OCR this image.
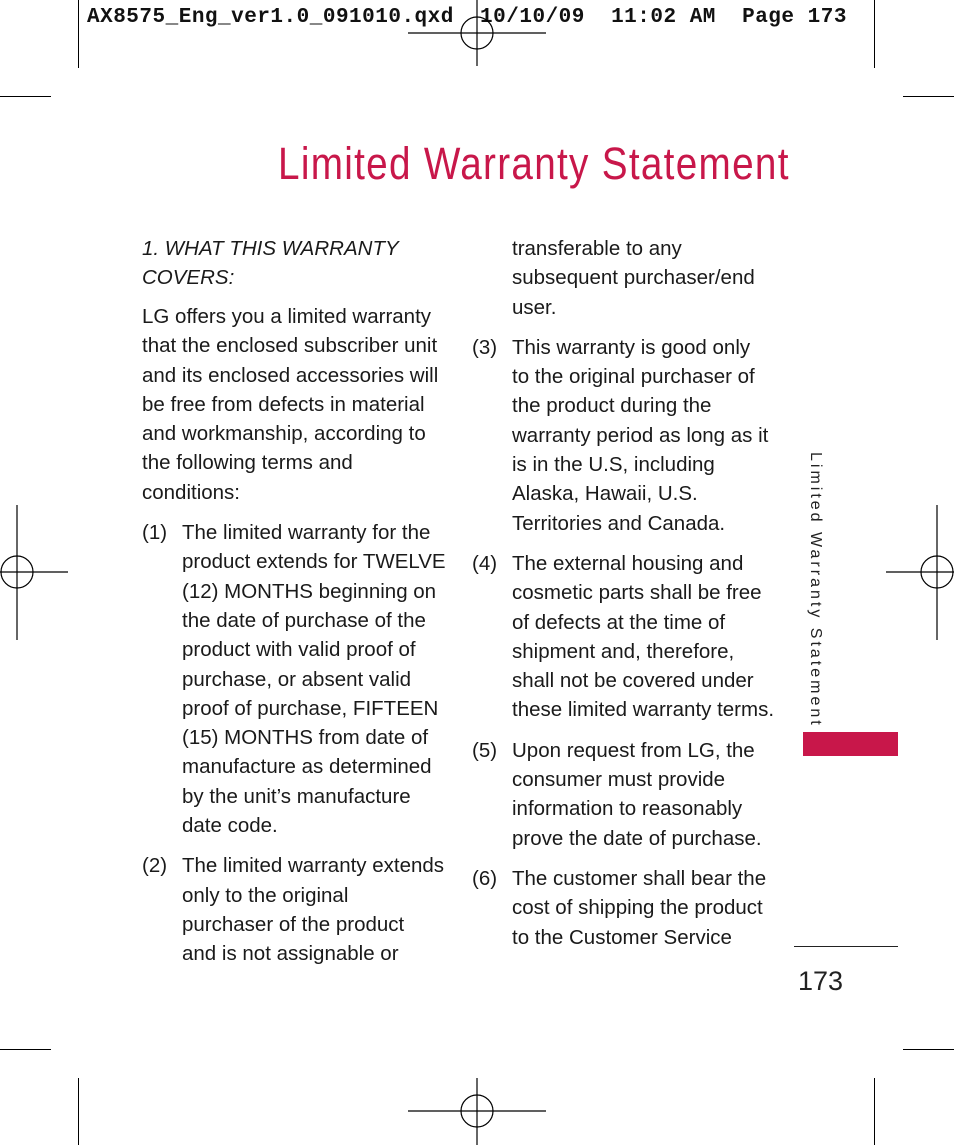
AX8575_Eng_ver1.0_091010.qxd  10/10/09  11:02 AM  Page 173
Limited Warranty Statement
1. WHAT THIS WARRANTY
COVERS:
LG offers you a limited warranty
that the enclosed subscriber unit
and its enclosed accessories will
be free from defects in material
and workmanship, according to
the following terms and
conditions:
(1) The limited warranty for the
product extends for TWELVE
(12) MONTHS beginning on
the date of purchase of the
product with valid proof of
purchase, or absent valid
proof of purchase, FIFTEEN
(15) MONTHS from date of
manufacture as determined
by the unit’s manufacture
date code.
(2) The limited warranty extends
only to the original
purchaser of the product
and is not assignable or
transferable to any
subsequent purchaser/end
user.
(3) This warranty is good only
to the original purchaser of
the product during the
warranty period as long as it
is in the U.S, including
Alaska, Hawaii, U.S.
Territories and Canada.
(4) The external housing and
cosmetic parts shall be free
of defects at the time of
shipment and, therefore,
shall not be covered under
these limited warranty terms.
(5) Upon request from LG, the
consumer must provide
information to reasonably
prove the date of purchase.
(6) The customer shall bear the
cost of shipping the product
to the Customer Service
Limited Warranty Statement
173
